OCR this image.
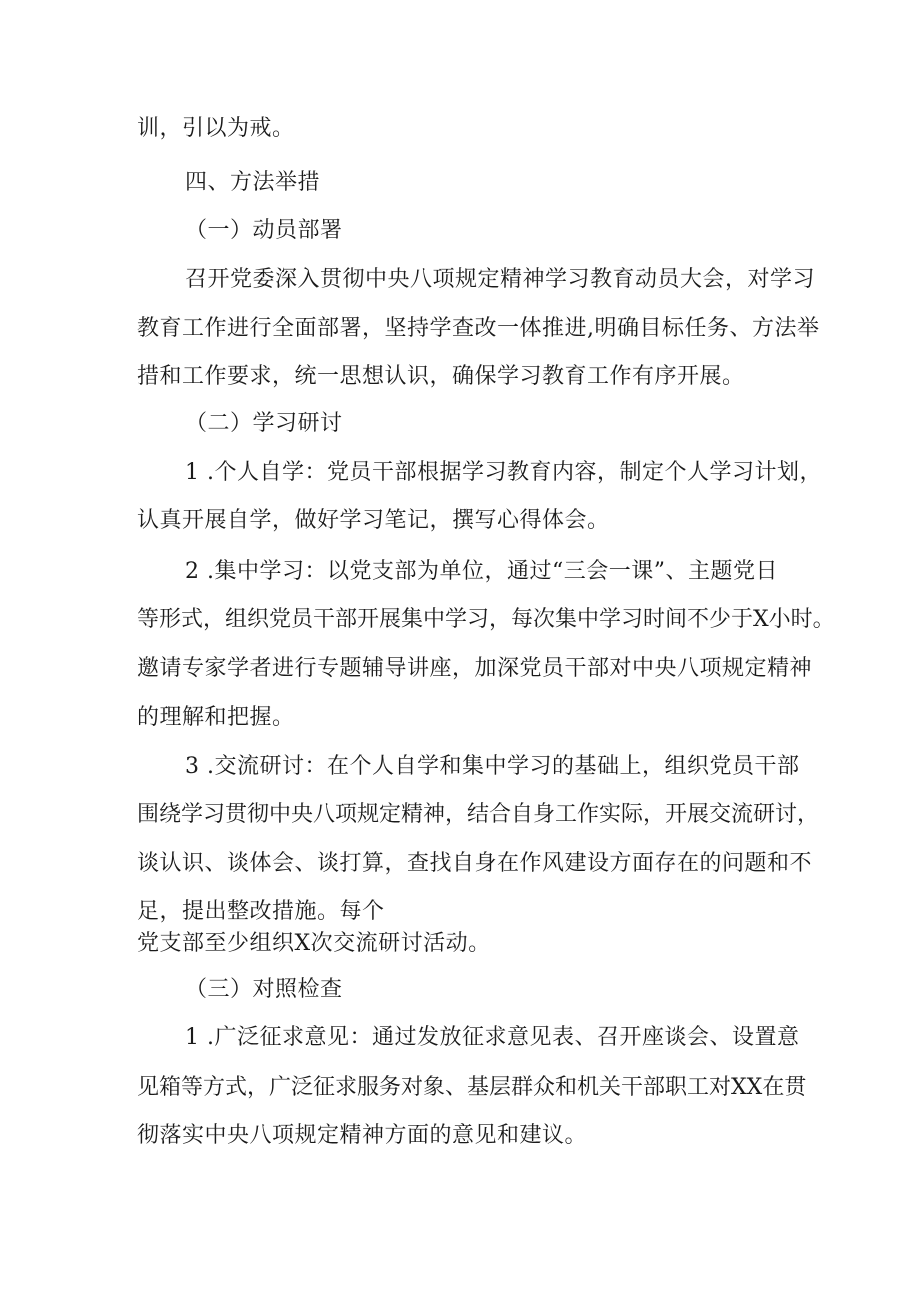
训，引以为戒。
四、方法举措
（一）动员部署
召开党委深入贯彻中央八项规定精神学习教育动员大会，对学习
教育工作进行全面部署，坚持学查改一体推进,明确目标任务、方法举
措和工作要求，统一思想认识，确保学习教育工作有序开展。
（二）学习研讨
1 .个人自学：党员干部根据学习教育内容，制定个人学习计划，
认真开展自学，做好学习笔记，撰写心得体会。
2 .集中学习：以党支部为单位，通过“三会一课”、主题党日
等形式，组织党员干部开展集中学习，每次集中学习时间不少于X小时。
邀请专家学者进行专题辅导讲座，加深党员干部对中央八项规定精神
的理解和把握。
3 .交流研讨：在个人自学和集中学习的基础上，组织党员干部
围绕学习贯彻中央八项规定精神，结合自身工作实际，开展交流研讨，
谈认识、谈体会、谈打算，查找自身在作风建设方面存在的问题和不
足，提出整改措施。每个
党支部至少组织X次交流研讨活动。
（三）对照检查
1 .广泛征求意见：通过发放征求意见表、召开座谈会、设置意
见箱等方式，广泛征求服务对象、基层群众和机关干部职工对XX在贯
彻落实中央八项规定精神方面的意见和建议。
